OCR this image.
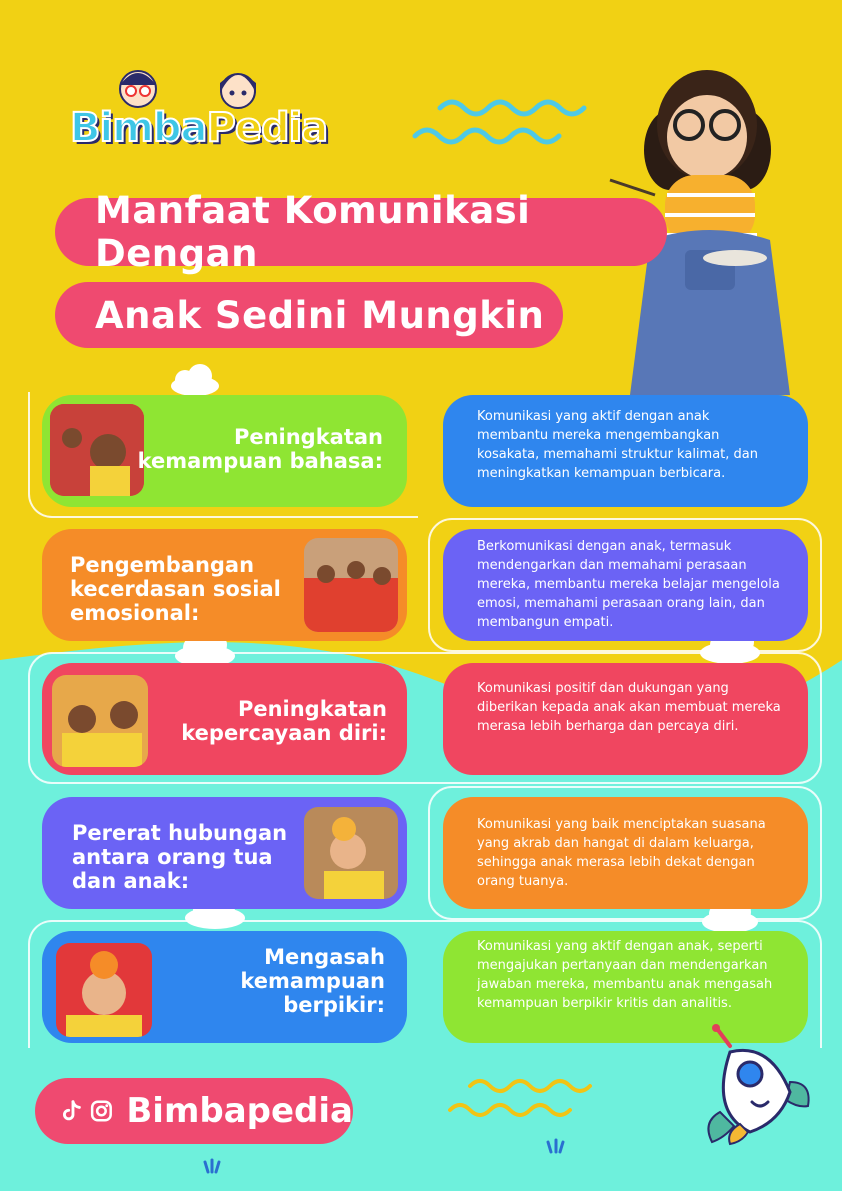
BimbaPedia
Manfaat Komunikasi Dengan
Anak Sedini Mungkin
Peningkatan
kemampuan bahasa:
Komunikasi yang aktif dengan anak membantu mereka mengembangkan kosakata, memahami struktur kalimat, dan meningkatkan kemampuan berbicara.
Pengembangan
kecerdasan sosial
emosional:
Berkomunikasi dengan anak, termasuk mendengarkan dan memahami perasaan mereka, membantu mereka belajar mengelola emosi, memahami perasaan orang lain, dan membangun empati.
Peningkatan
kepercayaan diri:
Komunikasi positif dan dukungan yang diberikan kepada anak akan membuat mereka merasa lebih berharga dan percaya diri.
Pererat hubungan
antara orang tua
dan anak:
Komunikasi yang baik menciptakan suasana yang akrab dan hangat di dalam keluarga, sehingga anak merasa lebih dekat dengan orang tuanya.
Mengasah
kemampuan
berpikir:
Komunikasi yang aktif dengan anak, seperti mengajukan pertanyaan dan mendengarkan jawaban mereka, membantu anak mengasah kemampuan berpikir kritis dan analitis.
Bimbapedia
